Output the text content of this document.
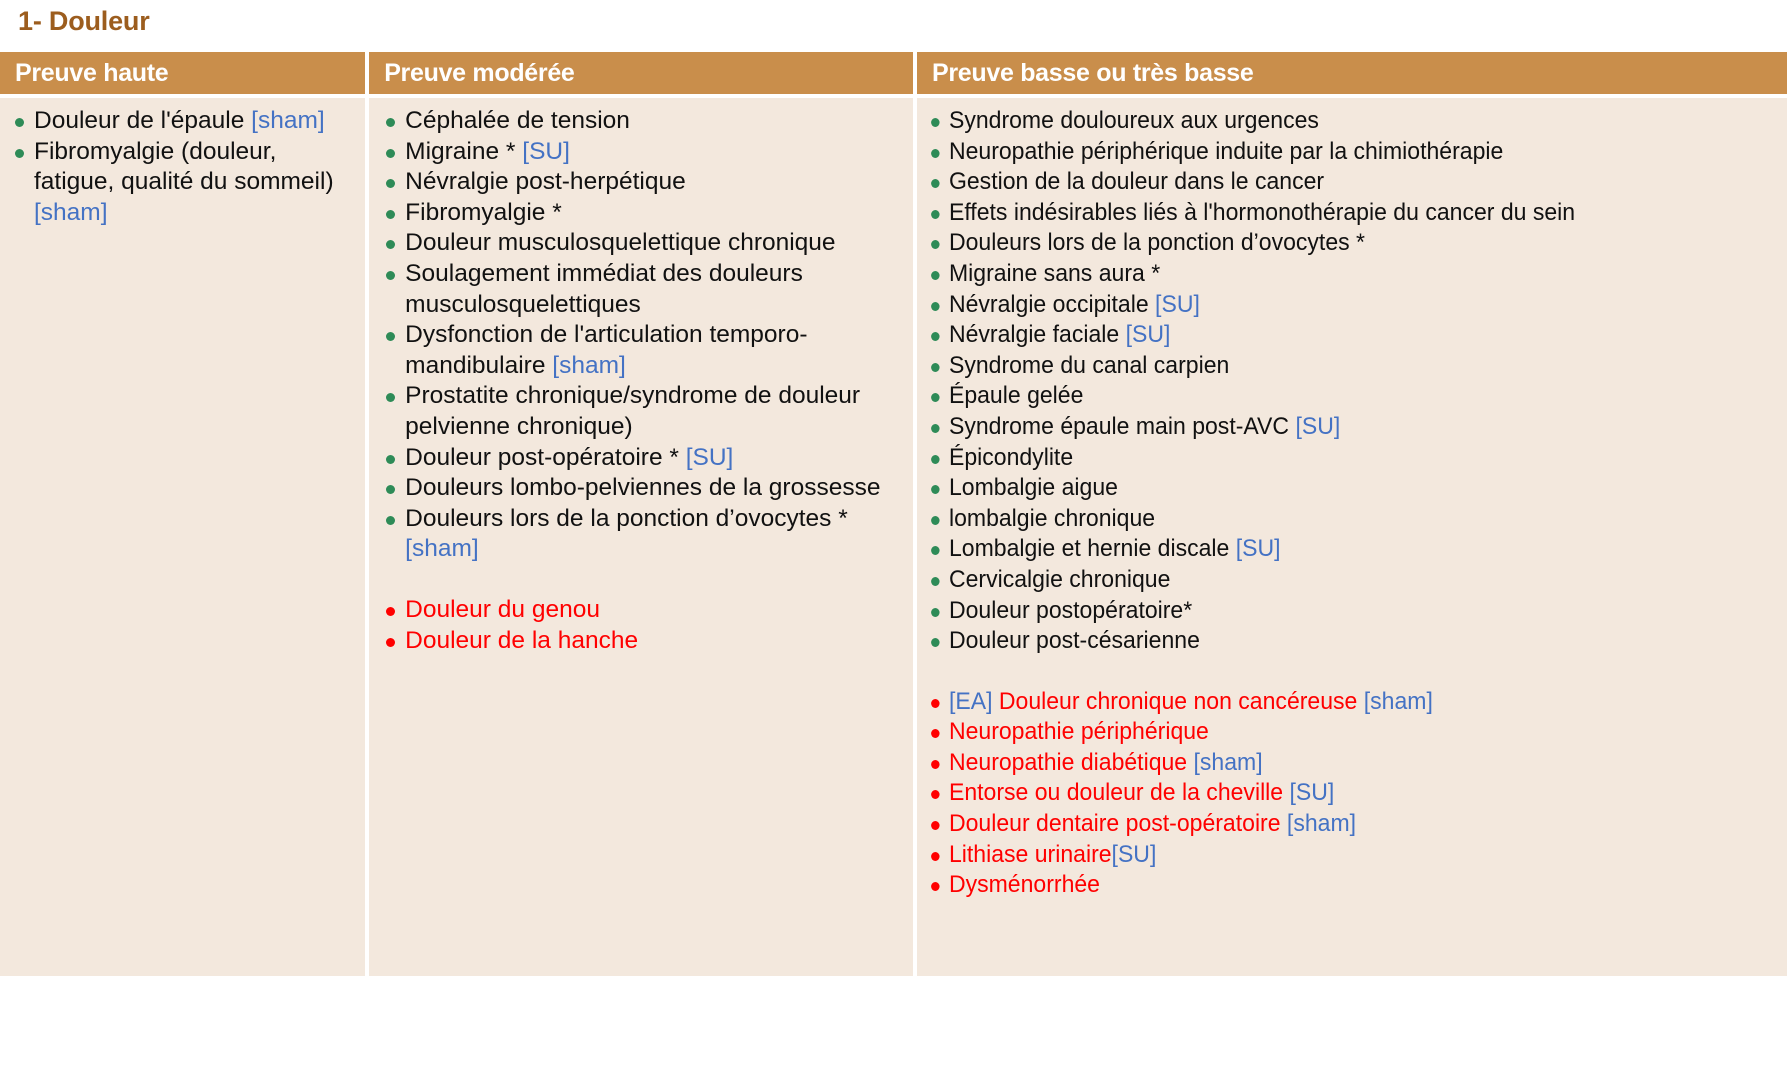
1- Douleur
Preuve haute	Preuve modérée	Preuve basse ou très basse
Douleur de l'épaule [sham]
Fibromyalgie (douleur, fatigue, qualité du sommeil) [sham]
Céphalée de tension
Migraine * [SU]
Névralgie post-herpétique
Fibromyalgie *
Douleur musculosquelettique chronique
Soulagement immédiat des douleurs musculosquelettiques
Dysfonction de l'articulation temporo-mandibulaire [sham]
Prostatite chronique/syndrome de douleur pelvienne chronique)
Douleur post-opératoire * [SU]
Douleurs lombo-pelviennes de la grossesse
Douleurs lors de la ponction d’ovocytes * [sham]
Douleur du genou
Douleur de la hanche
Syndrome douloureux aux urgences
Neuropathie périphérique induite par la chimiothérapie
Gestion de la douleur dans le cancer
Effets indésirables liés à l'hormonothérapie du cancer du sein
Douleurs lors de la ponction d’ovocytes *
Migraine sans aura *
Névralgie occipitale [SU]
Névralgie faciale [SU]
Syndrome du canal carpien
Épaule gelée
Syndrome épaule main post-AVC [SU]
Épicondylite
Lombalgie aigue
lombalgie chronique
Lombalgie et hernie discale [SU]
Cervicalgie chronique
Douleur postopératoire*
Douleur post-césarienne
[EA] Douleur chronique non cancéreuse [sham]
Neuropathie périphérique
Neuropathie diabétique [sham]
Entorse ou douleur de la cheville [SU]
Douleur dentaire post-opératoire [sham]
Lithiase urinaire[SU]
Dysménorrhée
